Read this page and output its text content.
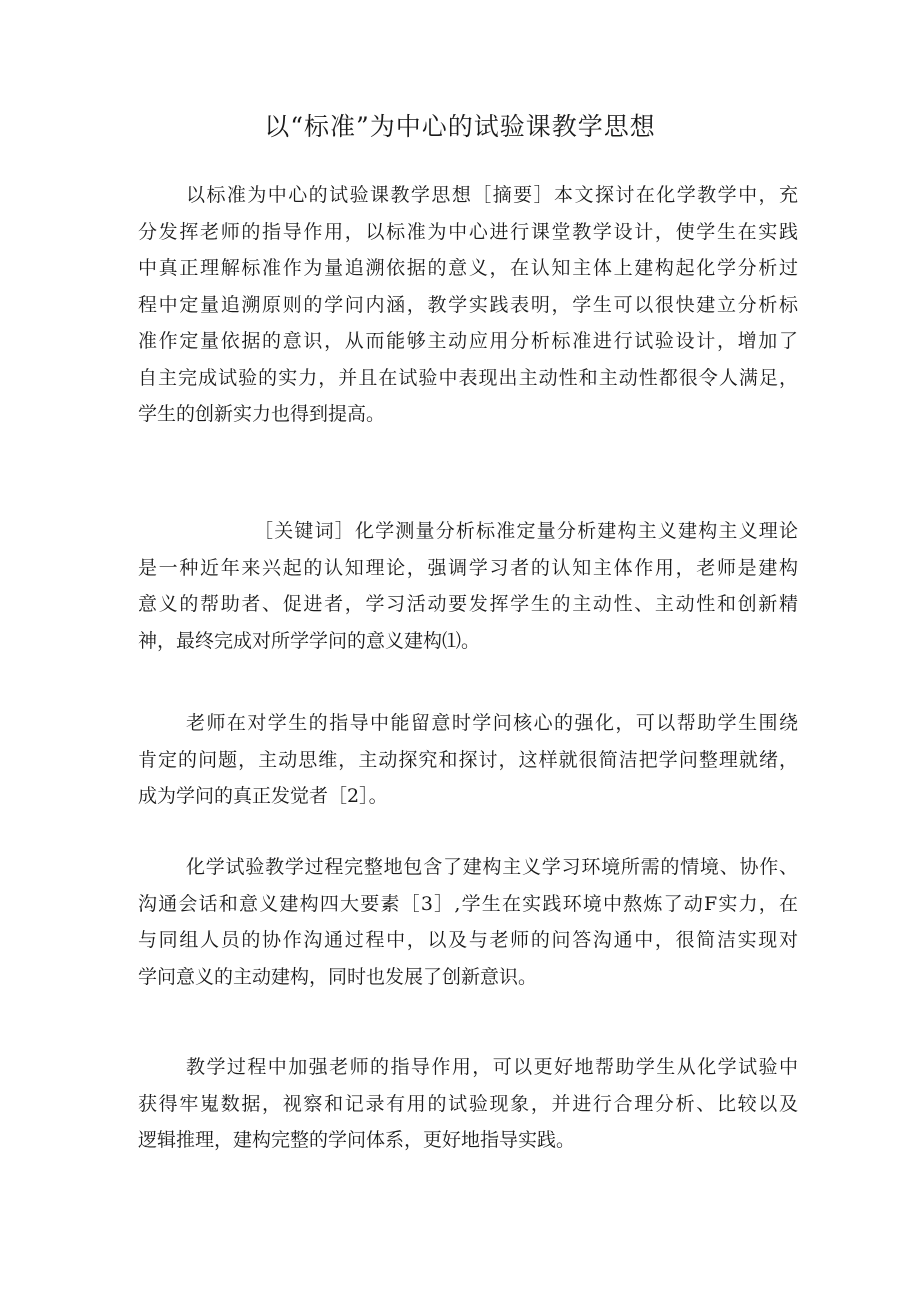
以“标准”为中心的试验课教学思想
以标准为中心的试验课教学思想［摘要］本文探讨在化学教学中，充
分发挥老师的指导作用，以标准为中心进行课堂教学设计，使学生在实践
中真正理解标准作为量追溯依据的意义，在认知主体上建构起化学分析过
程中定量追溯原则的学问内涵，教学实践表明，学生可以很快建立分析标
准作定量依据的意识，从而能够主动应用分析标准进行试验设计，增加了
自主完成试验的实力，并且在试验中表现出主动性和主动性都很令人满足，
学生的创新实力也得到提高。
［关键词］化学测量分析标准定量分析建构主义建构主义理论
是一种近年来兴起的认知理论，强调学习者的认知主体作用，老师是建构
意义的帮助者、促进者，学习活动要发挥学生的主动性、主动性和创新精
神，最终完成对所学学问的意义建构⑴。
老师在对学生的指导中能留意时学问核心的强化，可以帮助学生围绕
肯定的问题，主动思维，主动探究和探讨，这样就很简洁把学问整理就绪，
成为学问的真正发觉者［2］。
化学试验教学过程完整地包含了建构主义学习环境所需的情境、协作、
沟通会话和意义建构四大要素［3］,学生在实践环境中熬炼了动F实力，在
与同组人员的协作沟通过程中，以及与老师的问答沟通中，很简洁实现对
学问意义的主动建构，同时也发展了创新意识。
教学过程中加强老师的指导作用，可以更好地帮助学生从化学试验中
获得牢嵬数据，视察和记录有用的试验现象，并进行合理分析、比较以及
逻辑推理，建构完整的学问体系，更好地指导实践。
